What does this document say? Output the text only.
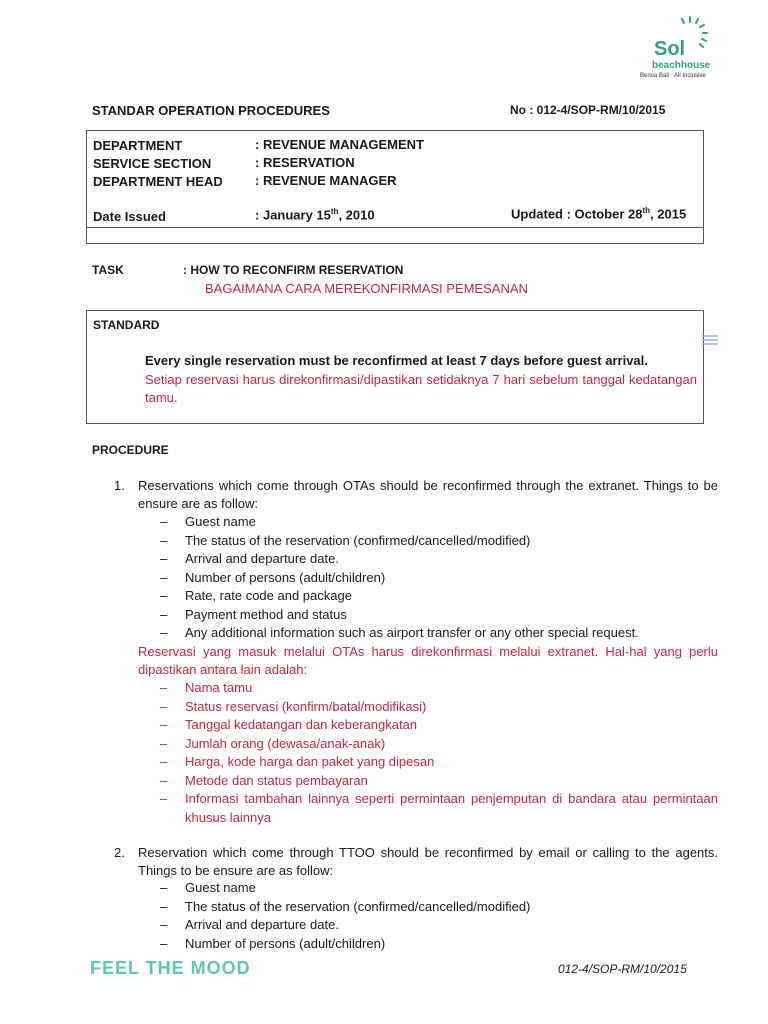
Sol
beachhouse
Benoa Bali · All Inclusive
STANDAR OPERATION PROCEDURES	No : 012-4/SOP-RM/10/2015
DEPARTMENT	: REVENUE MANAGEMENT
SERVICE SECTION	: RESERVATION
DEPARTMENT HEAD : REVENUE MANAGER
Date Issued	: January 15th, 2010	Updated : October 28th, 2015
TASK	: HOW TO RECONFIRM RESERVATION
BAGAIMANA CARA MEREKONFIRMASI PEMESANAN
STANDARD
Every single reservation must be reconfirmed at least 7 days before guest arrival.
Setiap reservasi harus direkonfirmasi/dipastikan setidaknya 7 hari sebelum tanggal kedatangan tamu.
PROCEDURE
1. Reservations which come through OTAs should be reconfirmed through the extranet. Things to be ensure are as follow:
– Guest name
– The status of the reservation (confirmed/cancelled/modified)
– Arrival and departure date.
– Number of persons (adult/children)
– Rate, rate code and package
– Payment method and status
– Any additional information such as airport transfer or any other special request.
Reservasi yang masuk melalui OTAs harus direkonfirmasi melalui extranet. Hal-hal yang perlu dipastikan antara lain adalah:
– Nama tamu
– Status reservasi (konfirm/batal/modifikasi)
– Tanggal kedatangan dan keberangkatan
– Jumlah orang (dewasa/anak-anak)
– Harga, kode harga dan paket yang dipesan
– Metode dan status pembayaran
– Informasi tambahan lainnya seperti permintaan penjemputan di bandara atau permintaan khusus lainnya
2. Reservation which come through TTOO should be reconfirmed by email or calling to the agents. Things to be ensure are as follow:
– Guest name
– The status of the reservation (confirmed/cancelled/modified)
– Arrival and departure date.
– Number of persons (adult/children)
FEEL THE MOOD	012-4/SOP-RM/10/2015
